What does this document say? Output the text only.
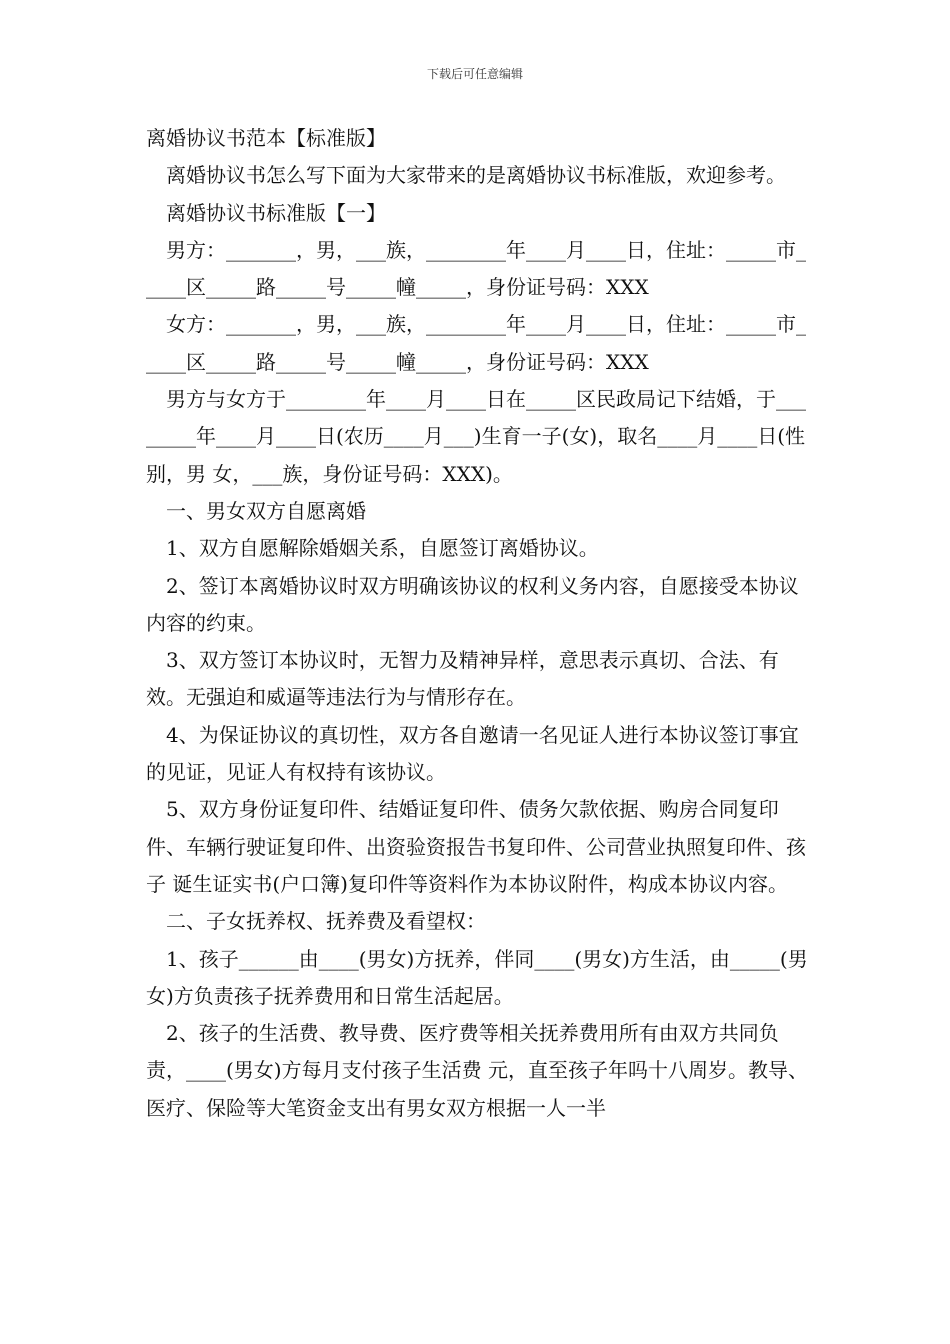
下载后可任意编辑
离婚协议书范本【标准版】

离婚协议书怎么写下面为大家带来的是离婚协议书标准版，欢迎参考。

离婚协议书标准版【一】

男方：_______，男，___族，________年____月____日，住址：_____市_____区_____路_____号_____幢_____，身份证号码：XXX

女方：_______，男，___族，________年____月____日，住址：_____市_____区_____路_____号_____幢_____，身份证号码：XXX

男方与女方于________年____月____日在_____区民政局记下结婚，于________年____月____日(农历____月___)生育一子(女)，取名____月____日(性别，男 女，___族，身份证号码：XXX)。

一、男女双方自愿离婚

1、双方自愿解除婚姻关系，自愿签订离婚协议。

2、签订本离婚协议时双方明确该协议的权利义务内容，自愿接受本协议内容的约束。

3、双方签订本协议时，无智力及精神异样，意思表示真切、合法、有效。无强迫和威逼等违法行为与情形存在。

4、为保证协议的真切性，双方各自邀请一名见证人进行本协议签订事宜的见证，见证人有权持有该协议。

5、双方身份证复印件、结婚证复印件、债务欠款依据、购房合同复印件、车辆行驶证复印件、出资验资报告书复印件、公司营业执照复印件、孩子 诞生证实书(户口簿)复印件等资料作为本协议附件，构成本协议内容。

二、子女抚养权、抚养费及看望权：

1、孩子______由____(男女)方抚养，伴同____(男女)方生活，由_____(男女)方负责孩子抚养费用和日常生活起居。

2、孩子的生活费、教导费、医疗费等相关抚养费用所有由双方共同负责，____(男女)方每月支付孩子生活费 元，直至孩子年吗十八周岁。教导、医疗、保险等大笔资金支出有男女双方根据一人一半
